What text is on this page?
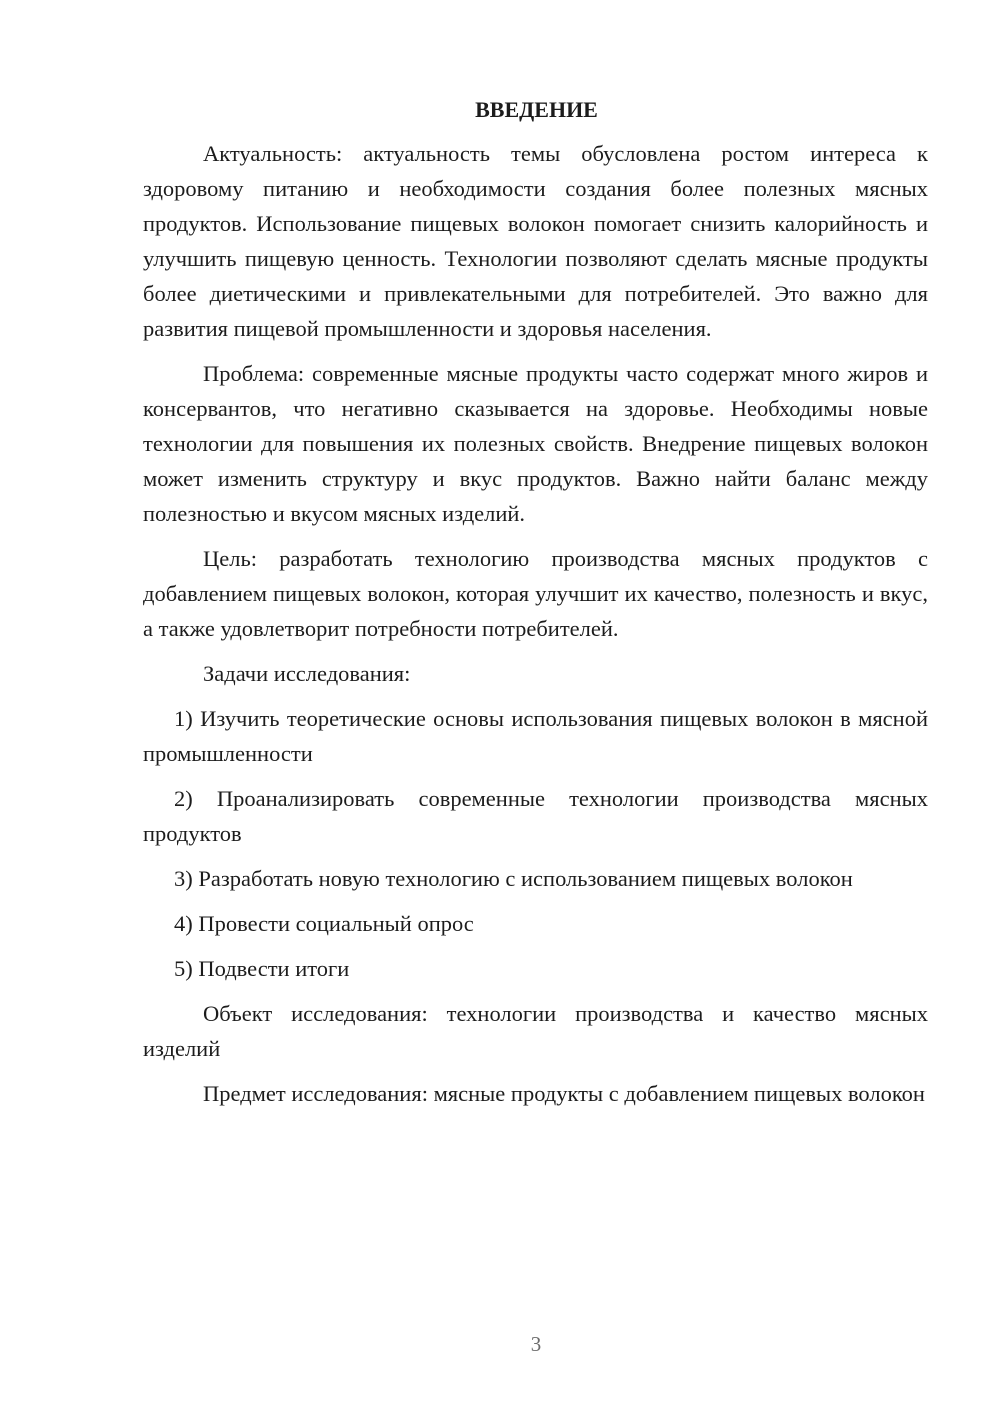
ВВЕДЕНИЕ

Актуальность: актуальность темы обусловлена ростом интереса к здоровому питанию и необходимости создания более полезных мясных продуктов. Использование пищевых волокон помогает снизить калорийность и улучшить пищевую ценность. Технологии позволяют сделать мясные продукты более диетическими и привлекательными для потребителей. Это важно для развития пищевой промышленности и здоровья населения.

Проблема: современные мясные продукты часто содержат много жиров и консервантов, что негативно сказывается на здоровье. Необходимы новые технологии для повышения их полезных свойств. Внедрение пищевых волокон может изменить структуру и вкус продуктов. Важно найти баланс между полезностью и вкусом мясных изделий.

Цель: разработать технологию производства мясных продуктов с добавлением пищевых волокон, которая улучшит их качество, полезность и вкус, а также удовлетворит потребности потребителей.

Задачи исследования:

1) Изучить теоретические основы использования пищевых волокон в мясной промышленности

2) Проанализировать современные технологии производства мясных продуктов

3) Разработать новую технологию с использованием пищевых волокон

4) Провести социальный опрос

5) Подвести итоги

Объект исследования: технологии производства и качество мясных изделий

Предмет исследования: мясные продукты с добавлением пищевых волокон

3
